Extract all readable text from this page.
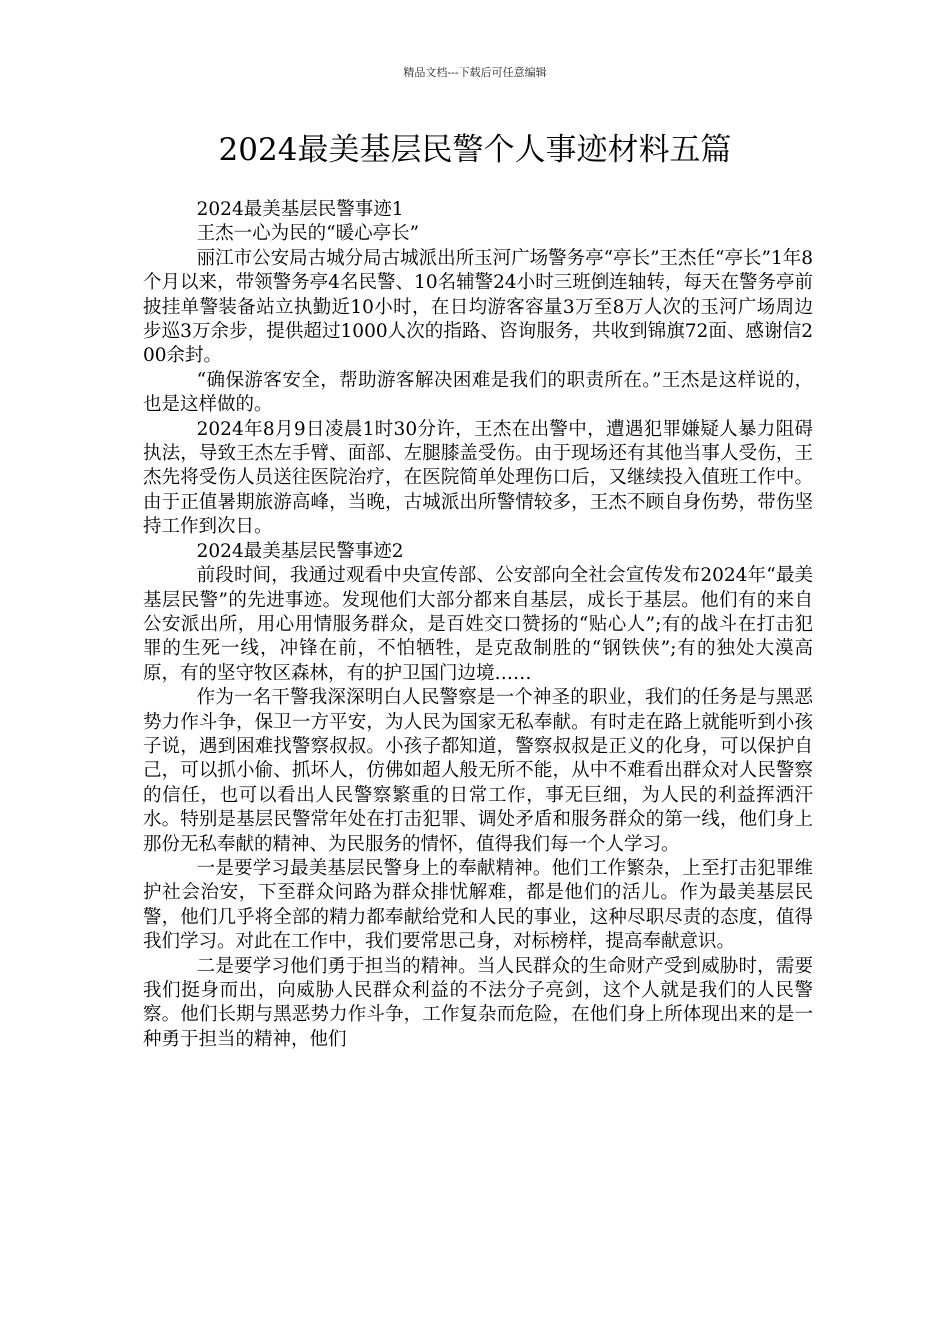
精品文档---下载后可任意编辑
2024最美基层民警个人事迹材料五篇

2024最美基层民警事迹1

王杰一心为民的“暖心亭长”

丽江市公安局古城分局古城派出所玉河广场警务亭“亭长”王杰任“亭长”1年8个月以来，带领警务亭4名民警、10名辅警24小时三班倒连轴转，每天在警务亭前披挂单警装备站立执勤近10小时，在日均游客容量3万至8万人次的玉河广场周边步巡3万余步，提供超过1000人次的指路、咨询服务，共收到锦旗72面、感谢信200余封。

“确保游客安全，帮助游客解决困难是我们的职责所在。”王杰是这样说的，也是这样做的。

2024年8月9日凌晨1时30分许，王杰在出警中，遭遇犯罪嫌疑人暴力阻碍执法，导致王杰左手臂、面部、左腿膝盖受伤。由于现场还有其他当事人受伤，王杰先将受伤人员送往医院治疗，在医院简单处理伤口后，又继续投入值班工作中。由于正值暑期旅游高峰，当晚，古城派出所警情较多，王杰不顾自身伤势，带伤坚持工作到次日。

2024最美基层民警事迹2

前段时间，我通过观看中央宣传部、公安部向全社会宣传发布2024年“最美基层民警”的先进事迹。发现他们大部分都来自基层，成长于基层。他们有的来自公安派出所，用心用情服务群众，是百姓交口赞扬的“贴心人”;有的战斗在打击犯罪的生死一线，冲锋在前，不怕牺牲，是克敌制胜的“钢铁侠”;有的独处大漠高原，有的坚守牧区森林，有的护卫国门边境……

作为一名干警我深深明白人民警察是一个神圣的职业，我们的任务是与黑恶势力作斗争，保卫一方平安，为人民为国家无私奉献。有时走在路上就能听到小孩子说，遇到困难找警察叔叔。小孩子都知道，警察叔叔是正义的化身，可以保护自己，可以抓小偷、抓坏人，仿佛如超人般无所不能，从中不难看出群众对人民警察的信任，也可以看出人民警察繁重的日常工作，事无巨细，为人民的利益挥洒汗水。特别是基层民警常年处在打击犯罪、调处矛盾和服务群众的第一线，他们身上那份无私奉献的精神、为民服务的情怀，值得我们每一个人学习。

一是要学习最美基层民警身上的奉献精神。他们工作繁杂，上至打击犯罪维护社会治安，下至群众问路为群众排忧解难，都是他们的活儿。作为最美基层民警，他们几乎将全部的精力都奉献给党和人民的事业，这种尽职尽责的态度，值得我们学习。对此在工作中，我们要常思己身，对标榜样，提高奉献意识。

二是要学习他们勇于担当的精神。当人民群众的生命财产受到威胁时，需要我们挺身而出，向威胁人民群众利益的不法分子亮剑，这个人就是我们的人民警察。他们长期与黑恶势力作斗争，工作复杂而危险，在他们身上所体现出来的是一种勇于担当的精神，他们
